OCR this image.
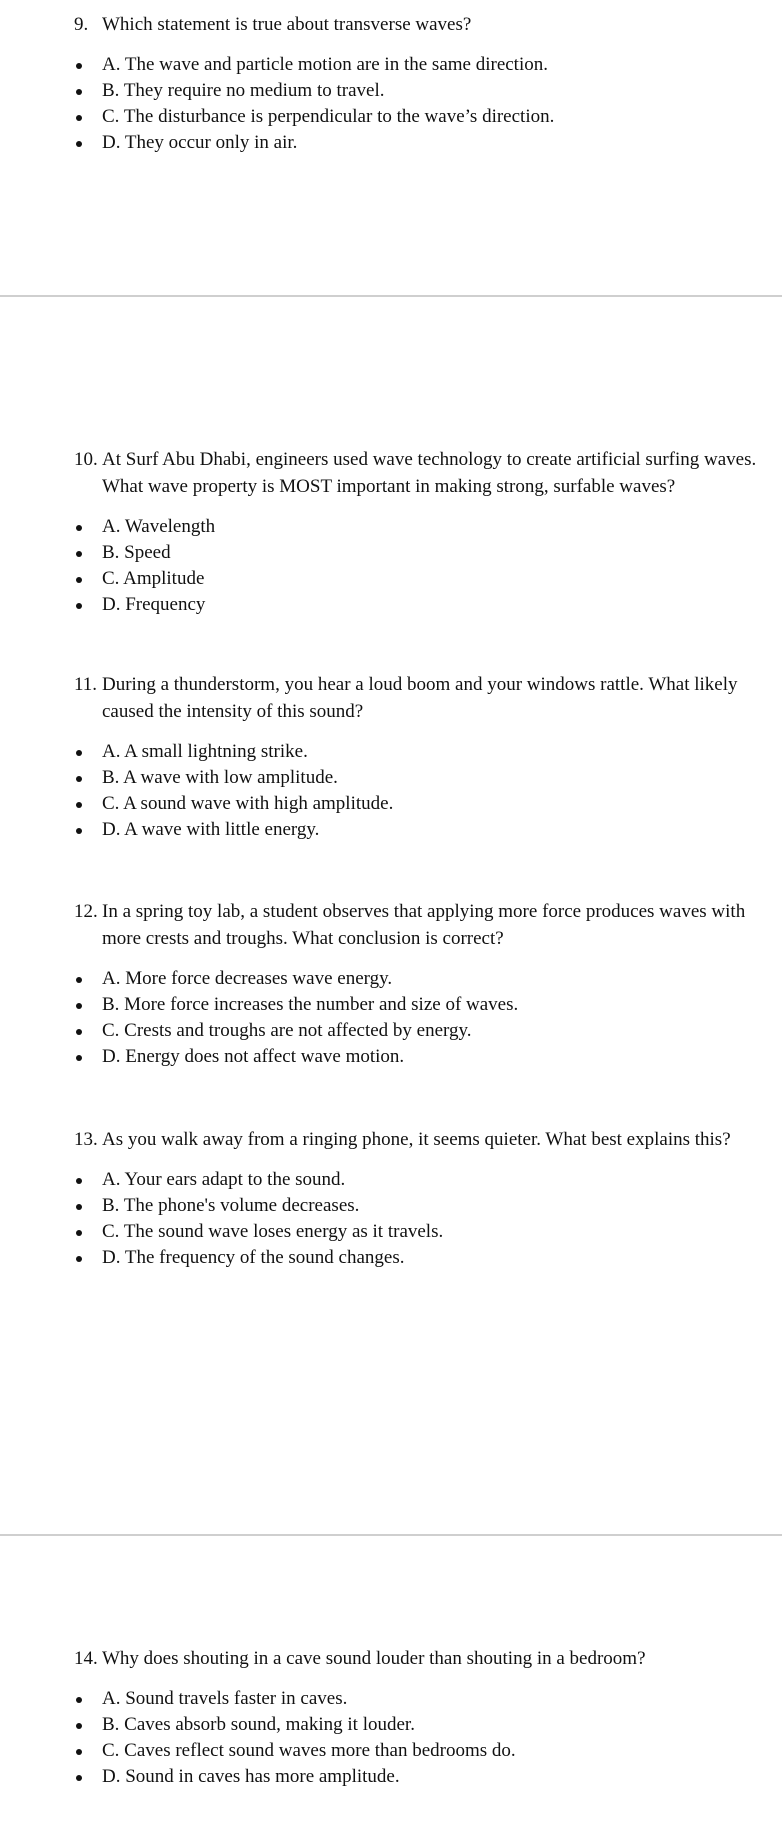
9. Which statement is true about transverse waves?
A. The wave and particle motion are in the same direction.
B. They require no medium to travel.
C. The disturbance is perpendicular to the wave’s direction.
D. They occur only in air.
10. At Surf Abu Dhabi, engineers used wave technology to create artificial surfing waves. What wave property is MOST important in making strong, surfable waves?
A. Wavelength
B. Speed
C. Amplitude
D. Frequency
11. During a thunderstorm, you hear a loud boom and your windows rattle. What likely caused the intensity of this sound?
A. A small lightning strike.
B. A wave with low amplitude.
C. A sound wave with high amplitude.
D. A wave with little energy.
12. In a spring toy lab, a student observes that applying more force produces waves with more crests and troughs. What conclusion is correct?
A. More force decreases wave energy.
B. More force increases the number and size of waves.
C. Crests and troughs are not affected by energy.
D. Energy does not affect wave motion.
13. As you walk away from a ringing phone, it seems quieter. What best explains this?
A. Your ears adapt to the sound.
B. The phone's volume decreases.
C. The sound wave loses energy as it travels.
D. The frequency of the sound changes.
14. Why does shouting in a cave sound louder than shouting in a bedroom?
A. Sound travels faster in caves.
B. Caves absorb sound, making it louder.
C. Caves reflect sound waves more than bedrooms do.
D. Sound in caves has more amplitude.
